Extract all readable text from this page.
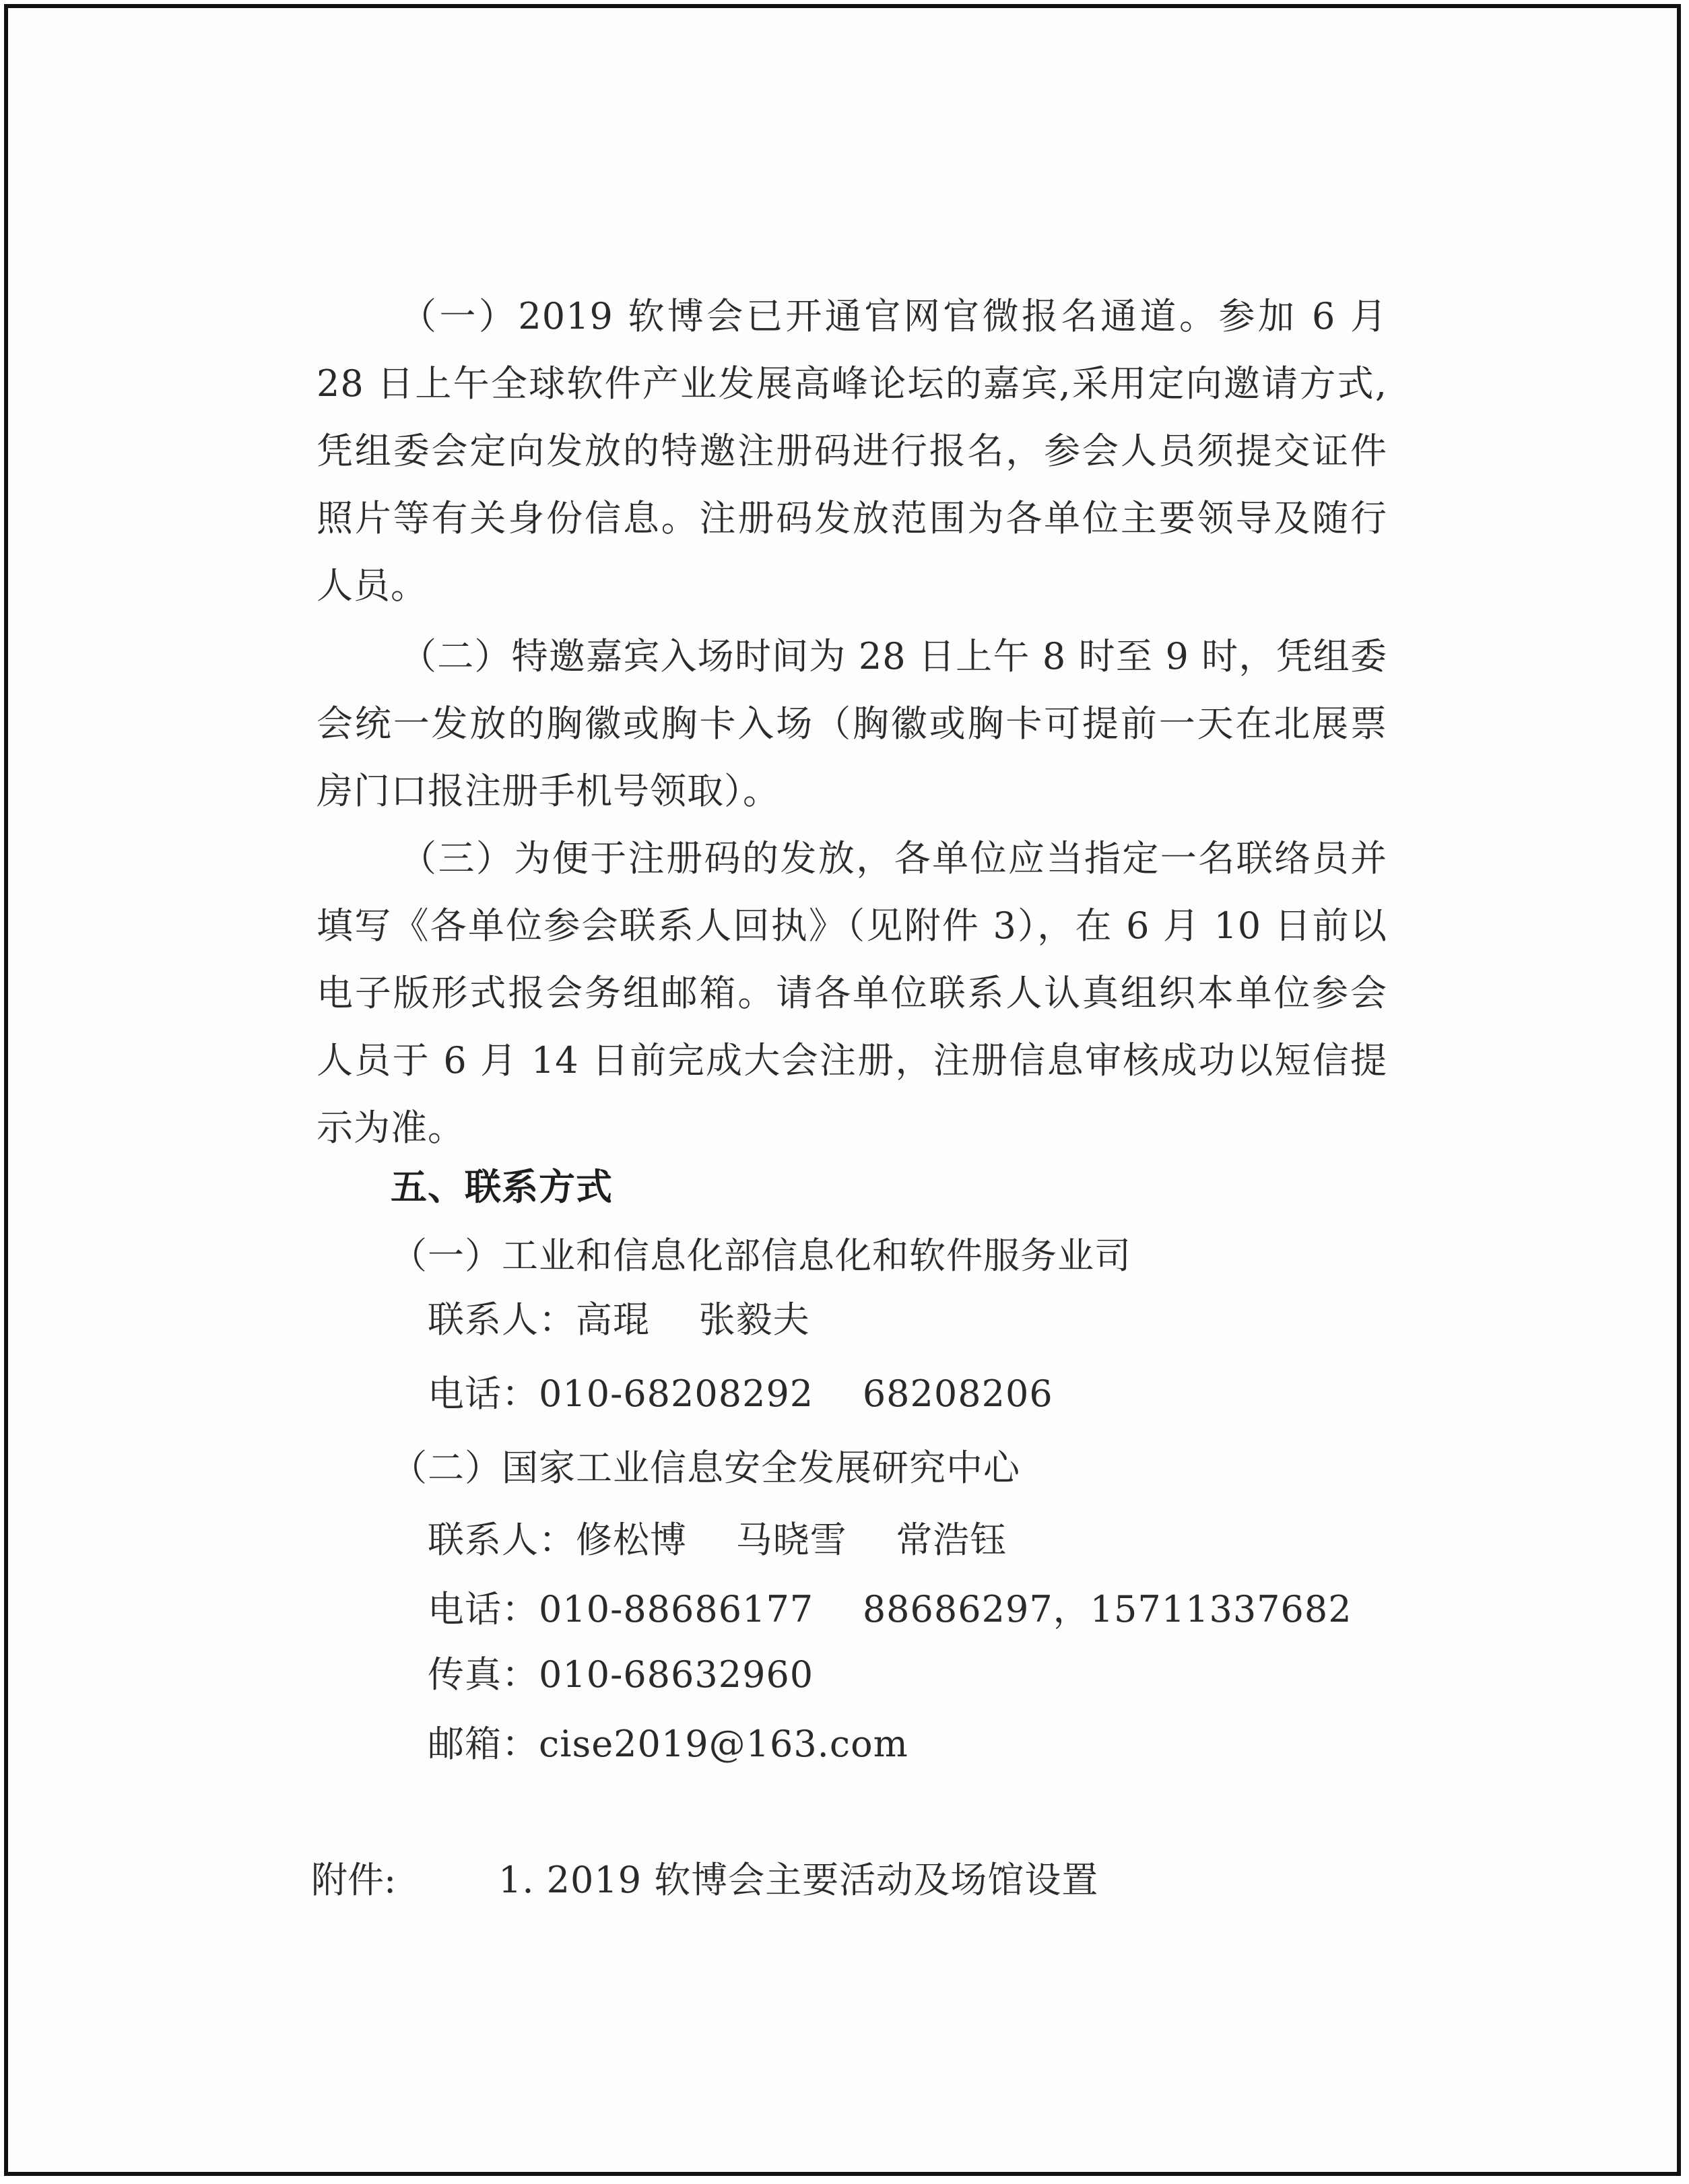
（一）2019 软博会已开通官网官微报名通道。参加 6 月 28 日上午全球软件产业发展高峰论坛的嘉宾,采用定向邀请方式,凭组委会定向发放的特邀注册码进行报名，参会人员须提交证件照片等有关身份信息。注册码发放范围为各单位主要领导及随行人员。

（二）特邀嘉宾入场时间为 28 日上午 8 时至 9 时，凭组委会统一发放的胸徽或胸卡入场（胸徽或胸卡可提前一天在北展票房门口报注册手机号领取）。

（三）为便于注册码的发放，各单位应当指定一名联络员并填写《各单位参会联系人回执》（见附件 3），在 6 月 10 日前以电子版形式报会务组邮箱。请各单位联系人认真组织本单位参会人员于 6 月 14 日前完成大会注册，注册信息审核成功以短信提示为准。

五、联系方式

（一）工业和信息化部信息化和软件服务业司

联系人：高琨    张毅夫

电话：010-68208292    68208206

（二）国家工业信息安全发展研究中心

联系人：修松博    马晓雪    常浩钰

电话：010-88686177    88686297，15711337682

传真：010-68632960

邮箱：cise2019@163.com

附件:	1. 2019 软博会主要活动及场馆设置
